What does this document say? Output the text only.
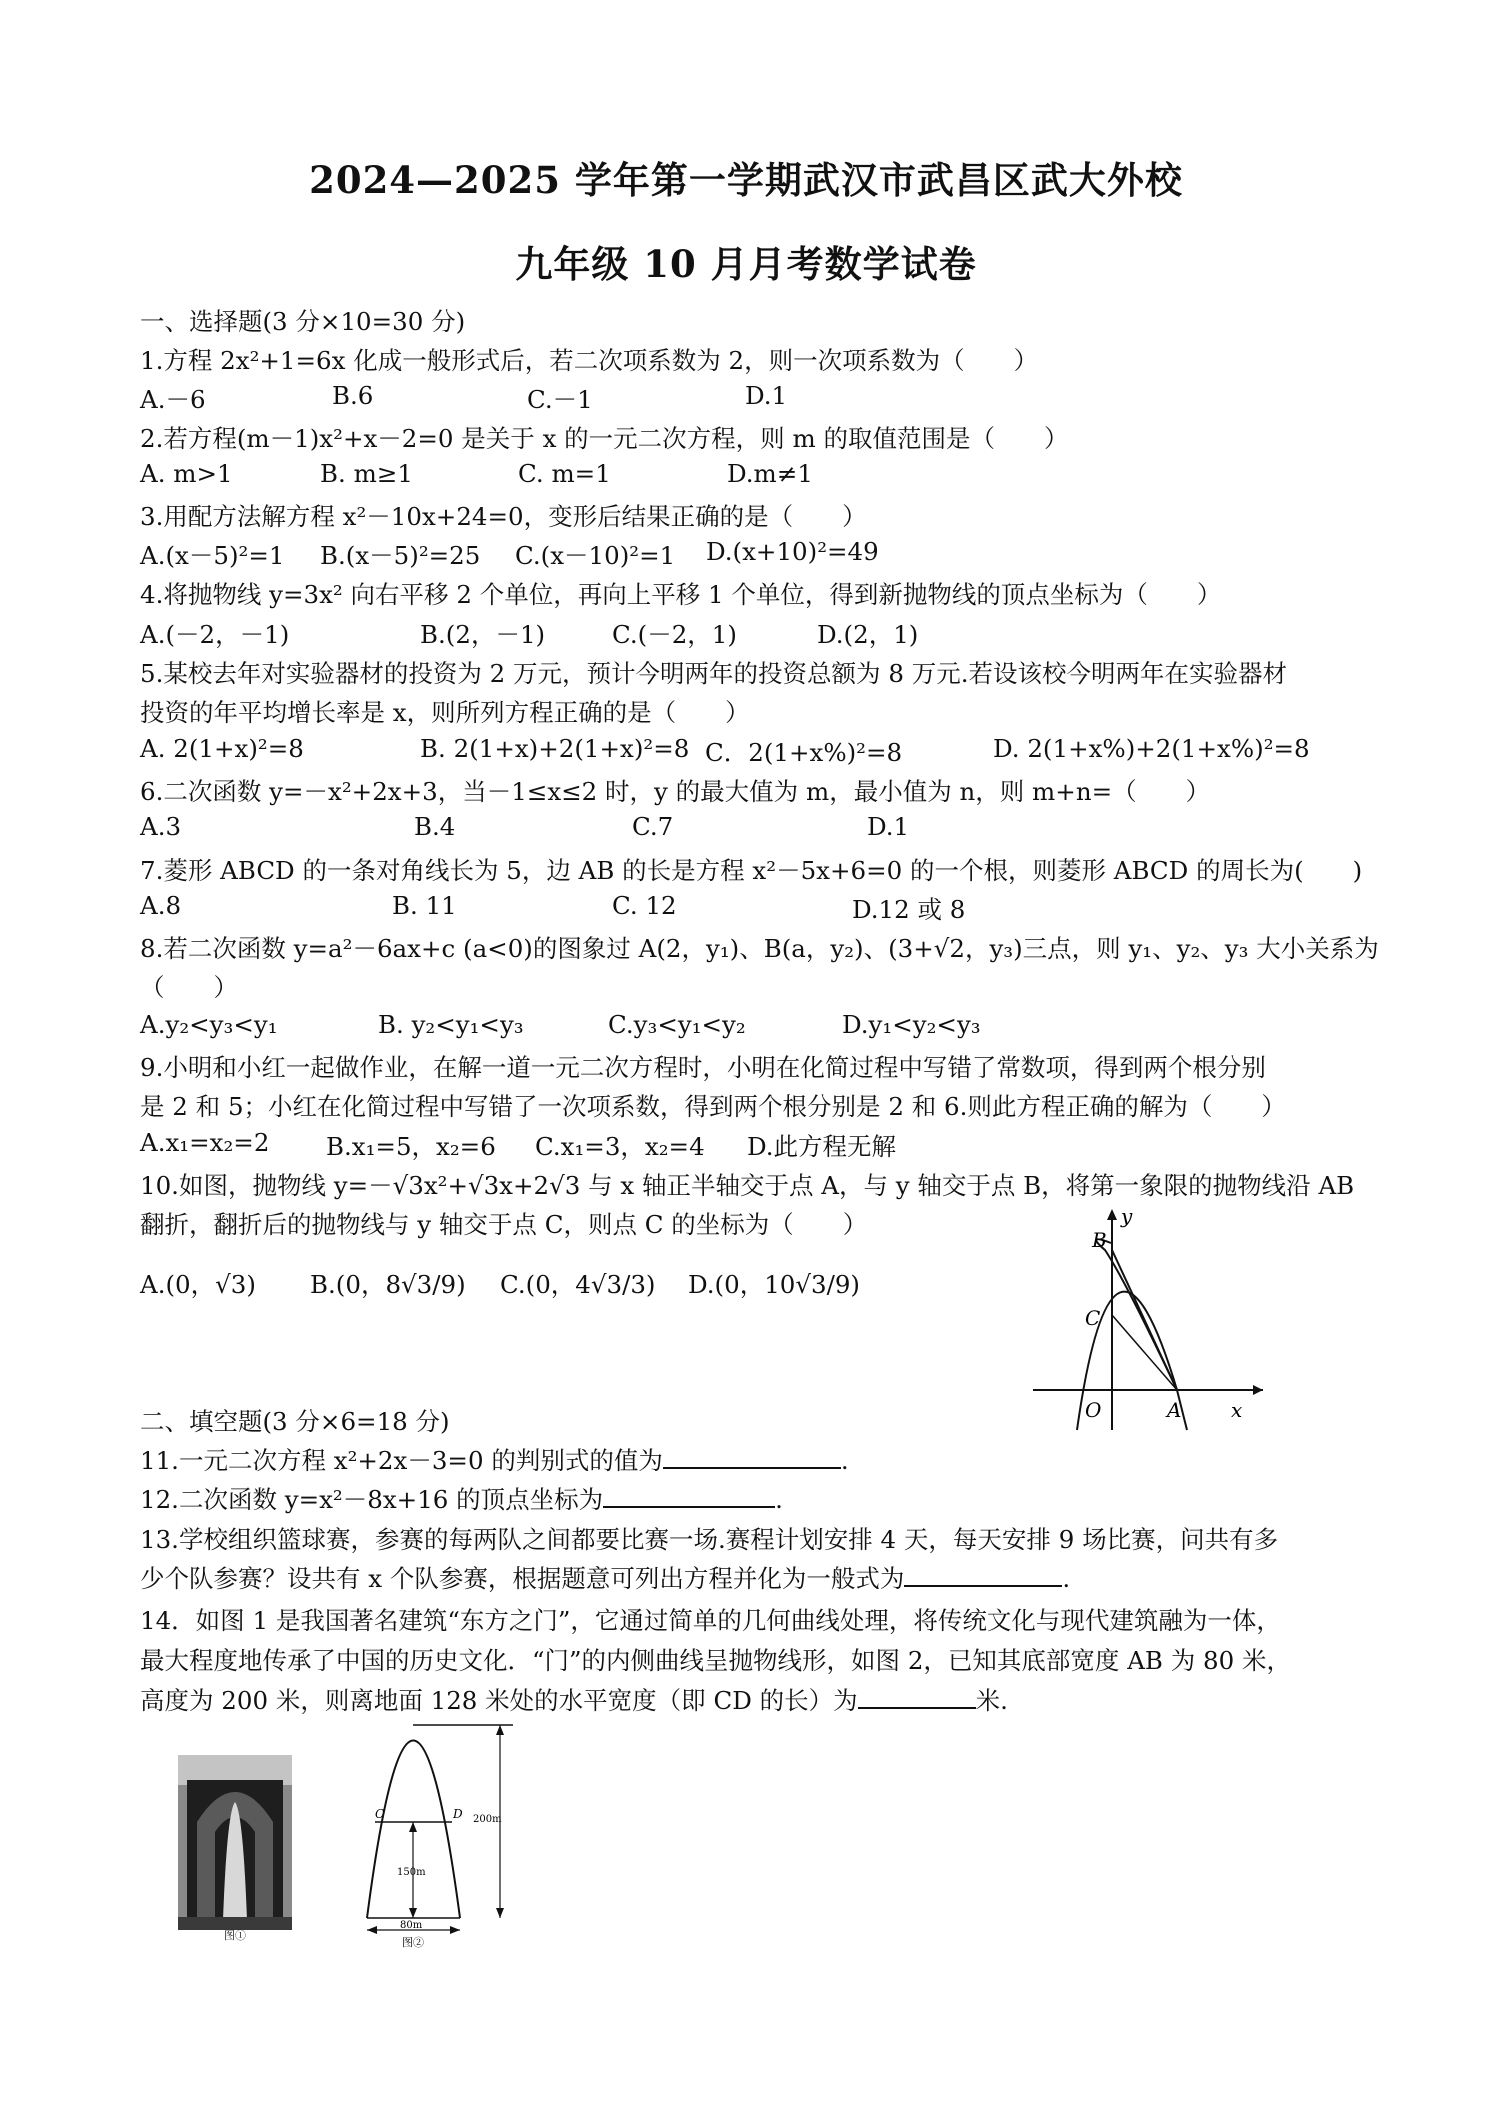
2024—2025 学年第一学期武汉市武昌区武大外校
九年级 10 月月考数学试卷
一、选择题(3 分×10=30 分)
1.方程 2x²+1=6x 化成一般形式后，若二次项系数为 2，则一次项系数为（　　）
A.－6	B.6	C.－1	D.1
2.若方程(m－1)x²+x－2=0 是关于 x 的一元二次方程，则 m 的取值范围是（　　）
A. m>1	B. m≥1	C. m=1	D.m≠1
3.用配方法解方程 x²－10x+24=0，变形后结果正确的是（　　）
A.(x－5)²=1 B.(x－5)²=25 C.(x－10)²=1 D.(x+10)²=49
4.将抛物线 y=3x² 向右平移 2 个单位，再向上平移 1 个单位，得到新抛物线的顶点坐标为（　　）
A.(－2，－1)	B.(2，－1)	C.(－2，1)	D.(2，1)
5.某校去年对实验器材的投资为 2 万元，预计今明两年的投资总额为 8 万元.若设该校今明两年在实验器材
投资的年平均增长率是 x，则所列方程正确的是（　　）
A. 2(1+x)²=8	B. 2(1+x)+2(1+x)²=8 C．2(1+x%)²=8	D. 2(1+x%)+2(1+x%)²=8
6.二次函数 y=－x²+2x+3，当－1≤x≤2 时，y 的最大值为 m，最小值为 n，则 m+n=（　　）
A.3	B.4	C.7	D.1
7.菱形 ABCD 的一条对角线长为 5，边 AB 的长是方程 x²－5x+6=0 的一个根，则菱形 ABCD 的周长为(　　)
A.8	B. 11	C. 12	D.12 或 8
8.若二次函数 y=a²－6ax+c (a<0)的图象过 A(2，y₁)、B(a，y₂)、(3+√2，y₃)三点，则 y₁、y₂、y₃ 大小关系为
（　　）
A.y₂<y₃<y₁	B. y₂<y₁<y₃	C.y₃<y₁<y₂	D.y₁<y₂<y₃
9.小明和小红一起做作业，在解一道一元二次方程时，小明在化简过程中写错了常数项，得到两个根分别
是 2 和 5；小红在化简过程中写错了一次项系数，得到两个根分别是 2 和 6.则此方程正确的解为（　　）
A.x₁=x₂=2 B.x₁=5，x₂=6 C.x₁=3，x₂=4 D.此方程无解
10.如图，抛物线 y=－√3x²+√3x+2√3 与 x 轴正半轴交于点 A，与 y 轴交于点 B，将第一象限的抛物线沿 AB
翻折，翻折后的抛物线与 y 轴交于点 C，则点 C 的坐标为（　　）
A.(0，√3) B.(0，8√3/9) C.(0，4√3/3) D.(0，10√3/9)
y
B
C
O	A x
二、填空题(3 分×6=18 分)
11.一元二次方程 x²+2x－3=0 的判别式的值为	.
12.二次函数 y=x²－8x+16 的顶点坐标为	.
13.学校组织篮球赛，参赛的每两队之间都要比赛一场.赛程计划安排 4 天，每天安排 9 场比赛，问共有多
少个队参赛？设共有 x 个队参赛，根据题意可列出方程并化为一般式为	.
14．如图 1 是我国著名建筑“东方之门”，它通过简单的几何曲线处理，将传统文化与现代建筑融为一体，
最大程度地传承了中国的历史文化．“门”的内侧曲线呈抛物线形，如图 2，已知其底部宽度 AB 为 80 米，
高度为 200 米，则离地面 128 米处的水平宽度（即 CD 的长）为	米.
图①
C	D
150m
200m
80m
图②
